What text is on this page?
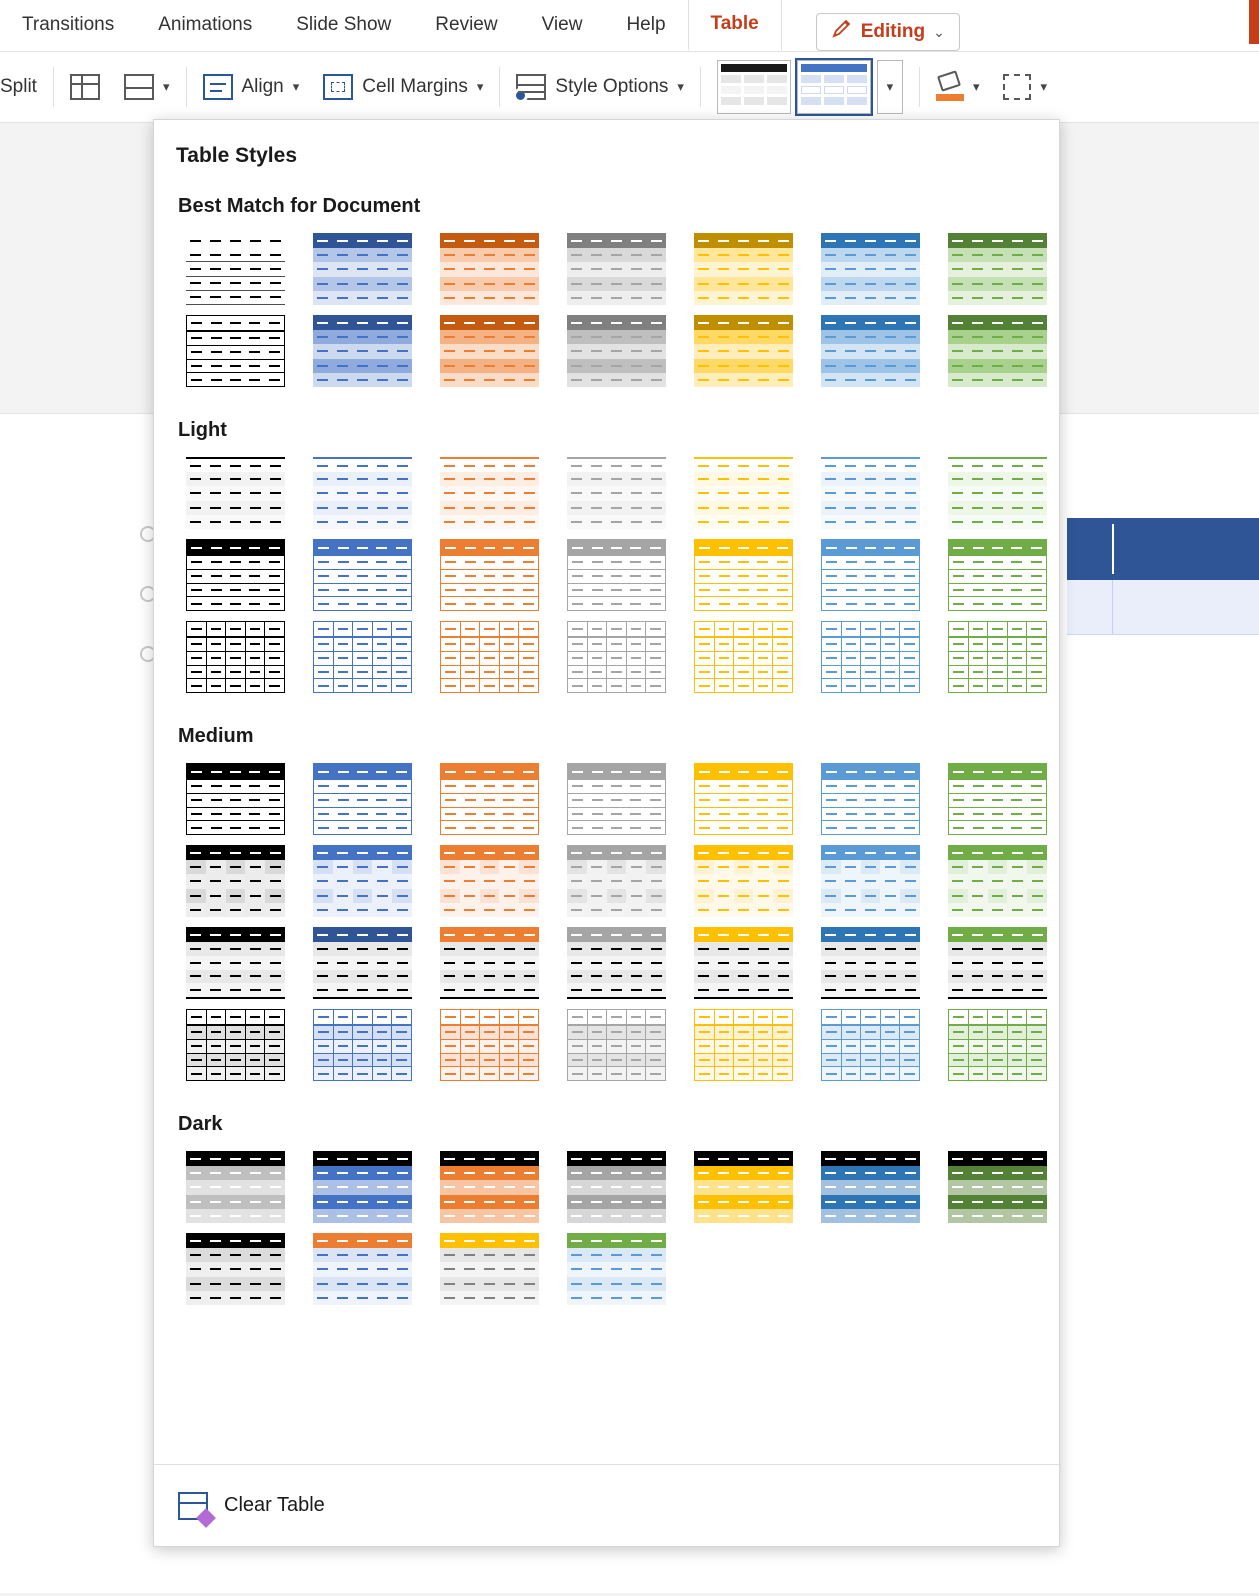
Transitions	Animations	Slide Show	Review	View	Help	Table	Editing ⌄
Split	▾	Align ▾	Cell Margins ▾	Style Options ▾	▾	▾	▾
Table Styles
Best Match for Document
Light
Medium
Dark
Clear Table
